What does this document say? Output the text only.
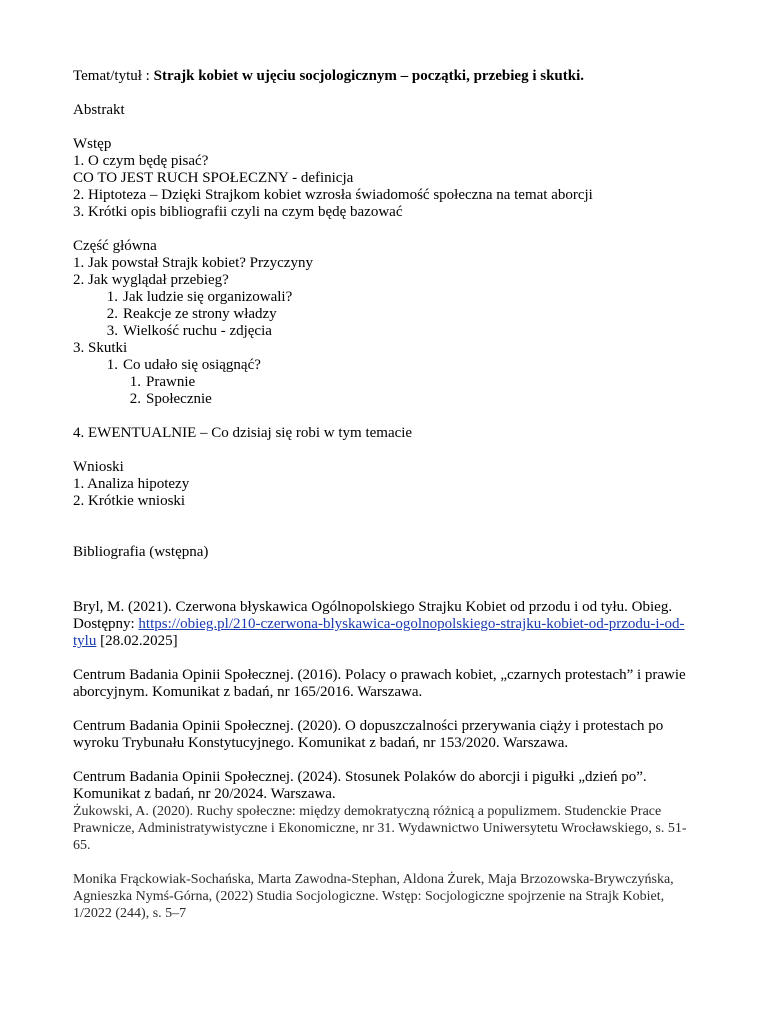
Temat/tytuł : Strajk kobiet w ujęciu socjologicznym – początki, przebieg i skutki.
Abstrakt
Wstęp
1. O czym będę pisać?
CO TO JEST RUCH SPOŁECZNY - definicja
2. Hiptoteza – Dzięki Strajkom kobiet wzrosła świadomość społeczna na temat aborcji
3. Krótki opis bibliografii czyli na czym będę bazować
Część główna
1. Jak powstał Strajk kobiet? Przyczyny
2. Jak wyglądał przebieg?
1. Jak ludzie się organizowali?
2. Reakcje ze strony władzy
3. Wielkość ruchu - zdjęcia
3. Skutki
1. Co udało się osiągnąć?
1. Prawnie
2. Społecznie
4. EWENTUALNIE – Co dzisiaj się robi w tym temacie
Wnioski
1. Analiza hipotezy
2. Krótkie wnioski
Bibliografia (wstępna)
Bryl, M. (2021). Czerwona błyskawica Ogólnopolskiego Strajku Kobiet od przodu i od tyłu. Obieg. Dostępny: https://obieg.pl/210-czerwona-blyskawica-ogolnopolskiego-strajku-kobiet-od-przodu-i-od-tylu [28.02.2025]
Centrum Badania Opinii Społecznej. (2016). Polacy o prawach kobiet, „czarnych protestach” i prawie aborcyjnym. Komunikat z badań, nr 165/2016. Warszawa.
Centrum Badania Opinii Społecznej. (2020). O dopuszczalności przerywania ciąży i protestach po wyroku Trybunału Konstytucyjnego. Komunikat z badań, nr 153/2020. Warszawa.
Centrum Badania Opinii Społecznej. (2024). Stosunek Polaków do aborcji i pigułki „dzień po”. Komunikat z badań, nr 20/2024. Warszawa.
Żukowski, A. (2020). Ruchy społeczne: między demokratyczną różnicą a populizmem. Studenckie Prace Prawnicze, Administratywistyczne i Ekonomiczne, nr 31. Wydawnictwo Uniwersytetu Wrocławskiego, s. 51-65.
Monika Frąckowiak-Sochańska, Marta Zawodna-Stephan, Aldona Żurek, Maja Brzozowska-Brywczyńska, Agnieszka Nymś-Górna, (2022) Studia Socjologiczne. Wstęp: Socjologiczne spojrzenie na Strajk Kobiet, 1/2022 (244), s. 5–7
